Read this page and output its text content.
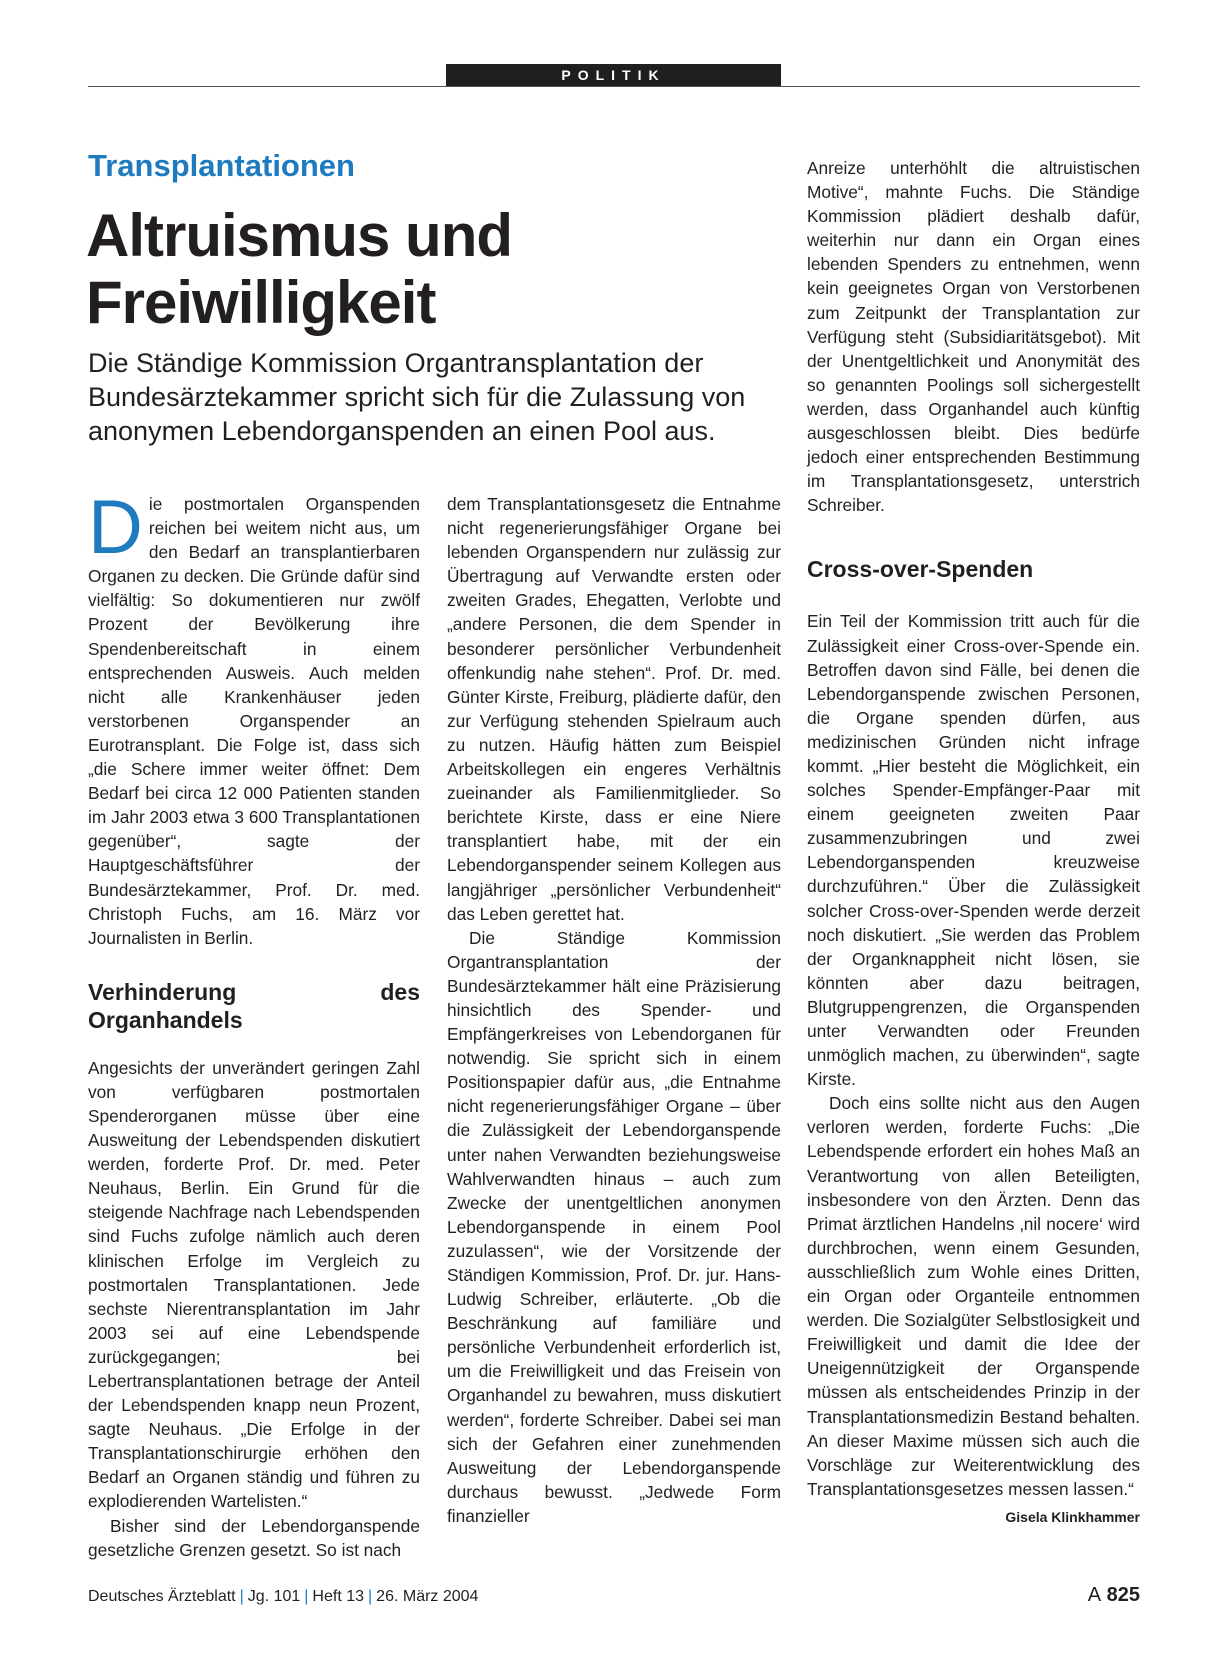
POLITIK
Transplantationen
Altruismus und
Freiwilligkeit
Die Ständige Kommission Organtransplantation der Bundesärztekammer spricht sich für die Zulassung von anonymen Lebendorganspenden an einen Pool aus.

Die postmortalen Organspenden reichen bei weitem nicht aus, um den Bedarf an transplantierbaren Organen zu decken. Die Gründe dafür sind vielfältig: So dokumentieren nur zwölf Prozent der Bevölkerung ihre Spendenbereitschaft in einem entsprechenden Ausweis. Auch melden nicht alle Krankenhäuser jeden verstorbenen Organspender an Eurotransplant. Die Folge ist, dass sich „die Schere immer weiter öffnet: Dem Bedarf bei circa 12 000 Patienten standen im Jahr 2003 etwa 3 600 Transplantationen gegenüber“, sagte der Hauptgeschäftsführer der Bundesärztekammer, Prof. Dr. med. Christoph Fuchs, am 16. März vor Journalisten in Berlin.

Verhinderung des Organhandels

Angesichts der unverändert geringen Zahl von verfügbaren postmortalen Spenderorganen müsse über eine Ausweitung der Lebendspenden diskutiert werden, forderte Prof. Dr. med. Peter Neuhaus, Berlin. Ein Grund für die steigende Nachfrage nach Lebendspenden sind Fuchs zufolge nämlich auch deren klinischen Erfolge im Vergleich zu postmortalen Transplantationen. Jede sechste Nierentransplantation im Jahr 2003 sei auf eine Lebendspende zurückgegangen; bei Lebertransplantationen betrage der Anteil der Lebendspenden knapp neun Prozent, sagte Neuhaus. „Die Erfolge in der Transplantationschirurgie erhöhen den Bedarf an Organen ständig und führen zu explodierenden Wartelisten.“

Bisher sind der Lebendorganspende gesetzliche Grenzen gesetzt. So ist nach

dem Transplantationsgesetz die Entnahme nicht regenerierungsfähiger Organe bei lebenden Organspendern nur zulässig zur Übertragung auf Verwandte ersten oder zweiten Grades, Ehegatten, Verlobte und „andere Personen, die dem Spender in besonderer persönlicher Verbundenheit offenkundig nahe stehen“. Prof. Dr. med. Günter Kirste, Freiburg, plädierte dafür, den zur Verfügung stehenden Spielraum auch zu nutzen. Häufig hätten zum Beispiel Arbeitskollegen ein engeres Verhältnis zueinander als Familienmitglieder. So berichtete Kirste, dass er eine Niere transplantiert habe, mit der ein Lebendorganspender seinem Kollegen aus langjähriger „persönlicher Verbundenheit“ das Leben gerettet hat.

Die Ständige Kommission Organtransplantation der Bundesärztekammer hält eine Präzisierung hinsichtlich des Spender- und Empfängerkreises von Lebendorganen für notwendig. Sie spricht sich in einem Positionspapier dafür aus, „die Entnahme nicht regenerierungsfähiger Organe – über die Zulässigkeit der Lebendorganspende unter nahen Verwandten beziehungsweise Wahlverwandten hinaus – auch zum Zwecke der unentgeltlichen anonymen Lebendorganspende in einem Pool zuzulassen“, wie der Vorsitzende der Ständigen Kommission, Prof. Dr. jur. Hans-Ludwig Schreiber, erläuterte. „Ob die Beschränkung auf familiäre und persönliche Verbundenheit erforderlich ist, um die Freiwilligkeit und das Freisein von Organhandel zu bewahren, muss diskutiert werden“, forderte Schreiber. Dabei sei man sich der Gefahren einer zunehmenden Ausweitung der Lebendorganspende durchaus bewusst. „Jedwede Form finanzieller

Anreize unterhöhlt die altruistischen Motive“, mahnte Fuchs. Die Ständige Kommission plädiert deshalb dafür, weiterhin nur dann ein Organ eines lebenden Spenders zu entnehmen, wenn kein geeignetes Organ von Verstorbenen zum Zeitpunkt der Transplantation zur Verfügung steht (Subsidiaritätsgebot). Mit der Unentgeltlichkeit und Anonymität des so genannten Poolings soll sichergestellt werden, dass Organhandel auch künftig ausgeschlossen bleibt. Dies bedürfe jedoch einer entsprechenden Bestimmung im Transplantationsgesetz, unterstrich Schreiber.

Cross-over-Spenden

Ein Teil der Kommission tritt auch für die Zulässigkeit einer Cross-over-Spende ein. Betroffen davon sind Fälle, bei denen die Lebendorganspende zwischen Personen, die Organe spenden dürfen, aus medizinischen Gründen nicht infrage kommt. „Hier besteht die Möglichkeit, ein solches Spender-Empfänger-Paar mit einem geeigneten zweiten Paar zusammenzubringen und zwei Lebendorganspenden kreuzweise durchzuführen.“ Über die Zulässigkeit solcher Cross-over-Spenden werde derzeit noch diskutiert. „Sie werden das Problem der Organknappheit nicht lösen, sie könnten aber dazu beitragen, Blutgruppengrenzen, die Organspenden unter Verwandten oder Freunden unmöglich machen, zu überwinden“, sagte Kirste.

Doch eins sollte nicht aus den Augen verloren werden, forderte Fuchs: „Die Lebendspende erfordert ein hohes Maß an Verantwortung von allen Beteiligten, insbesondere von den Ärzten. Denn das Primat ärztlichen Handelns ‚nil nocere‘ wird durchbrochen, wenn einem Gesunden, ausschließlich zum Wohle eines Dritten, ein Organ oder Organteile entnommen werden. Die Sozialgüter Selbstlosigkeit und Freiwilligkeit und damit die Idee der Uneigennützigkeit der Organspende müssen als entscheidendes Prinzip in der Transplantationsmedizin Bestand behalten. An dieser Maxime müssen sich auch die Vorschläge zur Weiterentwicklung des Transplantationsgesetzes messen lassen.“
Gisela Klinkhammer

Deutsches Ärzteblatt | Jg. 101 | Heft 13 | 26. März 2004	A 825
